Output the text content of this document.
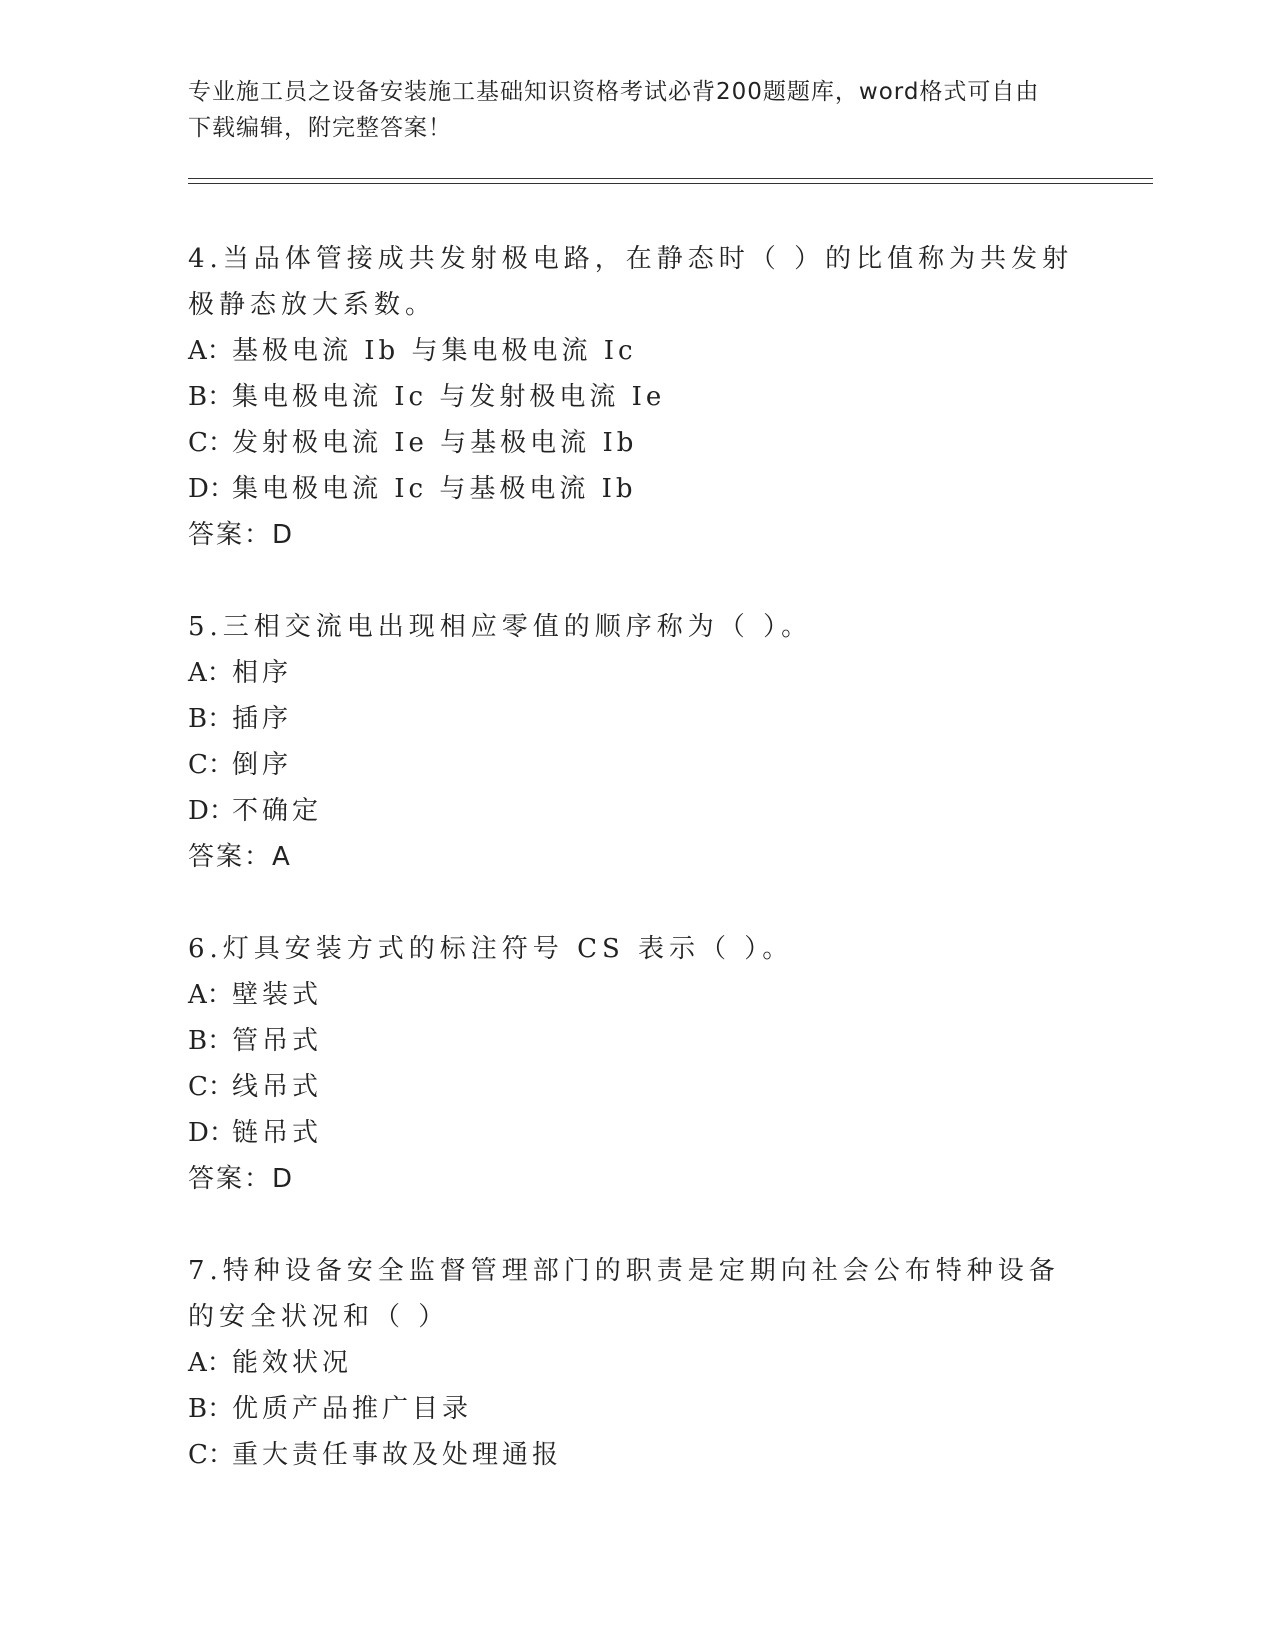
专业施工员之设备安装施工基础知识资格考试必背200题题库，word格式可自由
下载编辑，附完整答案！
4.当品体管接成共发射极电路，在静态时（ ）的比值称为共发射极静态放大系数。
A：基极电流 Ib 与集电极电流 Ic
B：集电极电流 Ic 与发射极电流 Ie
C：发射极电流 Ie 与基极电流 Ib
D：集电极电流 Ic 与基极电流 Ib
答案：D
5.三相交流电出现相应零值的顺序称为（ ）。
A：相序
B：插序
C：倒序
D：不确定
答案：A
6.灯具安装方式的标注符号 CS 表示（ ）。
A：壁装式
B：管吊式
C：线吊式
D：链吊式
答案：D
7.特种设备安全监督管理部门的职责是定期向社会公布特种设备的安全状况和（ ）
A：能效状况
B：优质产品推广目录
C：重大责任事故及处理通报
